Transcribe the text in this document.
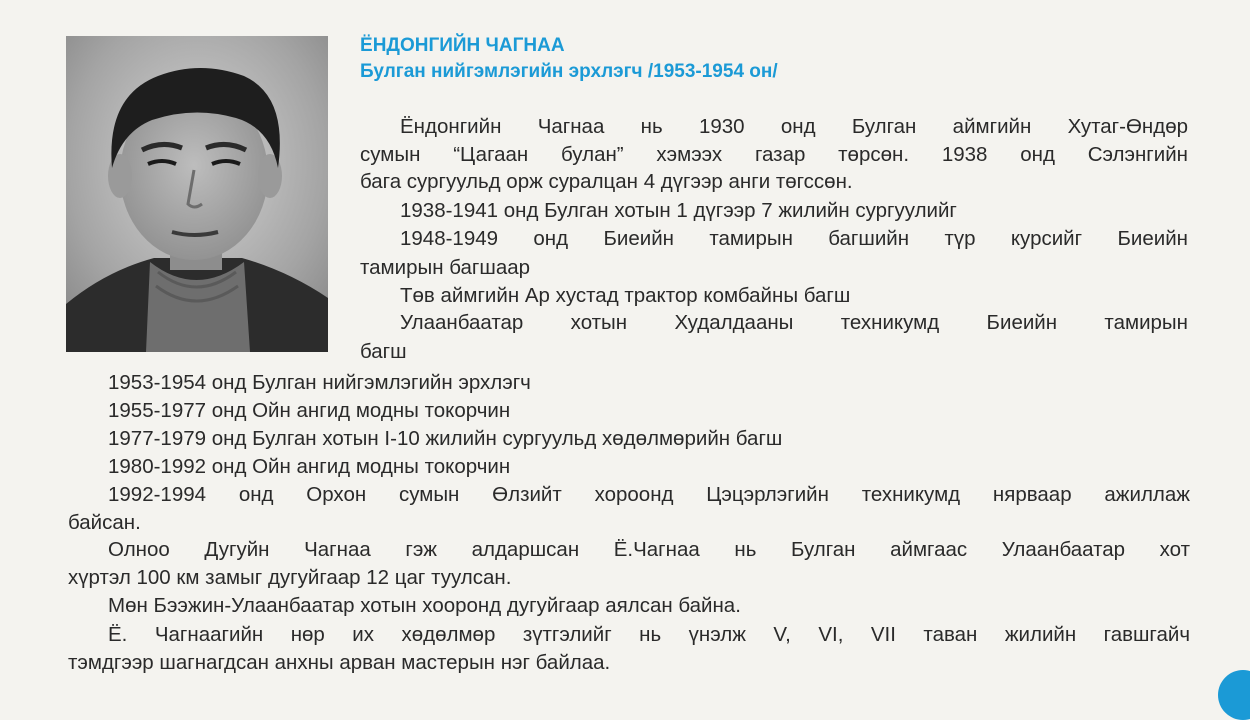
ЁНДОНГИЙН ЧАГНАА
Булган нийгэмлэгийн эрхлэгч /1953-1954 он/
Ёндонгийн Чагнаа нь 1930 онд Булган аймгийн Хутаг-Өндөр
сумын “Цагаан булан” хэмээх газар төрсөн. 1938 онд Сэлэнгийн
бага сургуульд орж суралцан 4 дүгээр анги төгссөн.
1938-1941 онд Булган хотын 1 дүгээр 7 жилийн сургуулийг
1948-1949 онд Биеийн тамирын багшийн түр курсийг Биеийн
тамирын багшаар
Төв аймгийн Ар хустад трактор комбайны багш
Улаанбаатар хотын Худалдааны техникумд Биеийн тамирын
багш
1953-1954 онд Булган нийгэмлэгийн эрхлэгч
1955-1977 онд Ойн ангид модны токорчин
1977-1979 онд Булган хотын I-10 жилийн сургуульд хөдөлмөрийн багш
1980-1992 онд Ойн ангид модны токорчин
1992-1994 онд Орхон сумын Өлзийт хороонд Цэцэрлэгийн техникумд нярваар ажиллаж
байсан.
Олноо Дугуйн Чагнаа гэж алдаршсан Ё.Чагнаа нь Булган аймгаас Улаанбаатар хот
хүртэл 100 км замыг дугуйгаар 12 цаг туулсан.
Мөн Бээжин-Улаанбаатар хотын хооронд дугуйгаар аялсан байна.
Ё. Чагнаагийн нөр их хөдөлмөр зүтгэлийг нь үнэлж V, VI, VII таван жилийн гавшгайч
тэмдгээр шагнагдсан анхны арван мастерын нэг байлаа.
